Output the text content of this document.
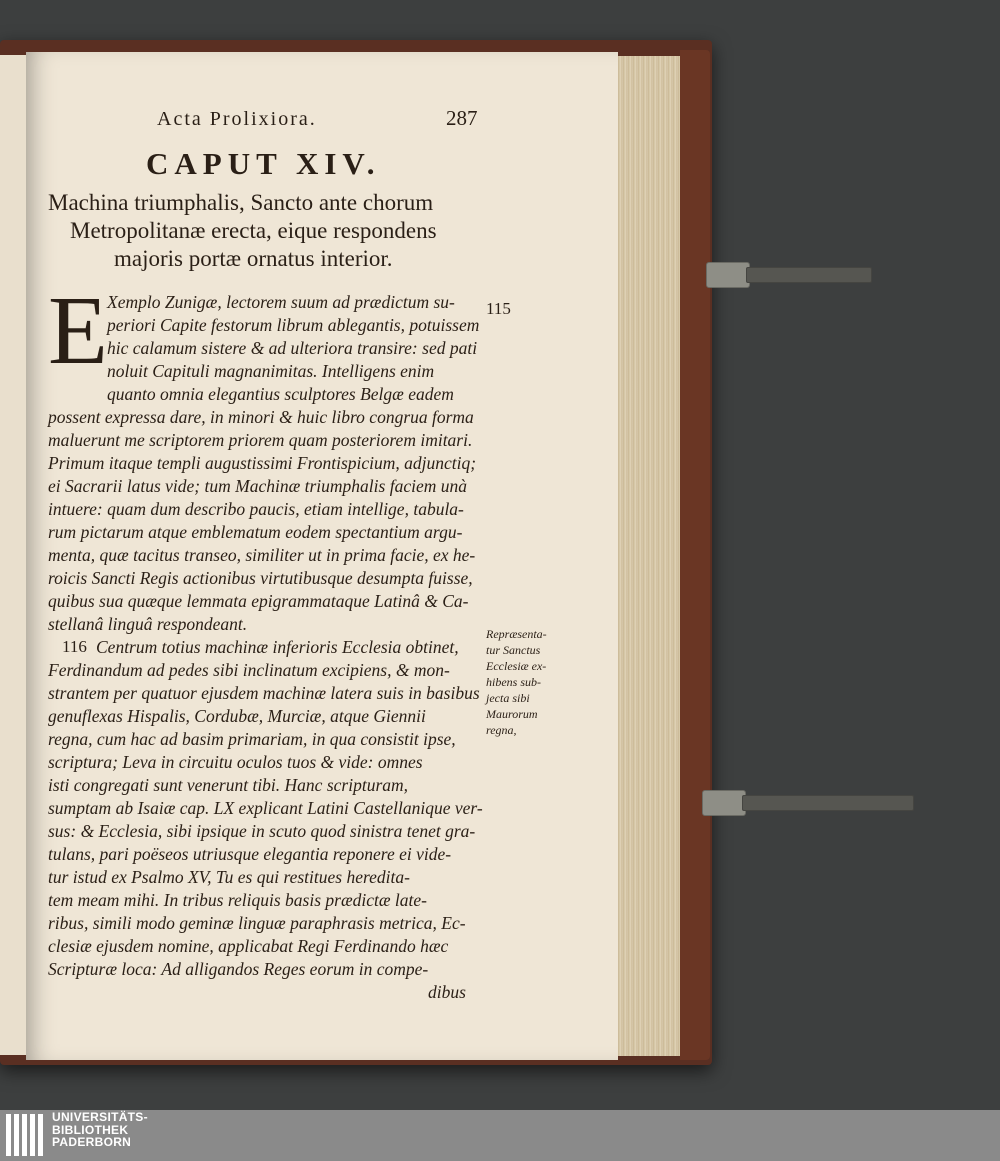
Acta Prolixiora.	287
CAPUT XIV.
Machina triumphalis, Sancto ante chorum
Metropolitanæ erecta, eique respondens
majoris portæ ornatus interior.
E	115
Xemplo Zunigæ, lectorem suum ad prædictum su-
periori Capite festorum librum ablegantis, potuissem
hic calamum sistere & ad ulteriora transire: sed pati
noluit Capituli magnanimitas. Intelligens enim
quanto omnia elegantius sculptores Belgæ eadem
possent expressa dare, in minori & huic libro congrua forma
maluerunt me scriptorem priorem quam posteriorem imitari.
Primum itaque templi augustissimi Frontispicium, adjunctiq;
ei Sacrarii latus vide; tum Machinæ triumphalis faciem unà
intuere: quam dum describo paucis, etiam intellige, tabula-
rum pictarum atque emblematum eodem spectantium argu-
menta, quæ tacitus transeo, similiter ut in prima facie, ex he-
roicis Sancti Regis actionibus virtutibusque desumpta fuisse,
quibus sua quæque lemmata epigrammataque Latinâ & Ca-
stellanâ linguâ respondeant.
116 Centrum totius machinæ inferioris Ecclesia obtinet,
Ferdinandum ad pedes sibi inclinatum excipiens, & mon-
strantem per quatuor ejusdem machinæ latera suis in basibus
genuflexas Hispalis, Cordubæ, Murciæ, atque Giennii
regna, cum hac ad basim primariam, in qua consistit ipse,
scriptura; Leva in circuitu oculos tuos & vide: omnes
isti congregati sunt venerunt tibi. Hanc scripturam,
sumptam ab Isaiæ cap. LX explicant Latini Castellanique ver-
sus: & Ecclesia, sibi ipsique in scuto quod sinistra tenet gra-
tulans, pari poëseos utriusque elegantia reponere ei vide-
tur istud ex Psalmo XV, Tu es qui restitues heredita-
tem meam mihi. In tribus reliquis basis prædictæ late-
ribus, simili modo geminæ linguæ paraphrasis metrica, Ec-
clesiæ ejusdem nomine, applicabat Regi Ferdinando hæc
Scripturæ loca: Ad alligandos Reges eorum in compe-
dibus
Repræsenta-
tur Sanctus
Ecclesiæ ex-
hibens sub-
jecta sibi
Maurorum
regna,
UNIVERSITÄTS-
BIBLIOTHEK
PADERBORN
